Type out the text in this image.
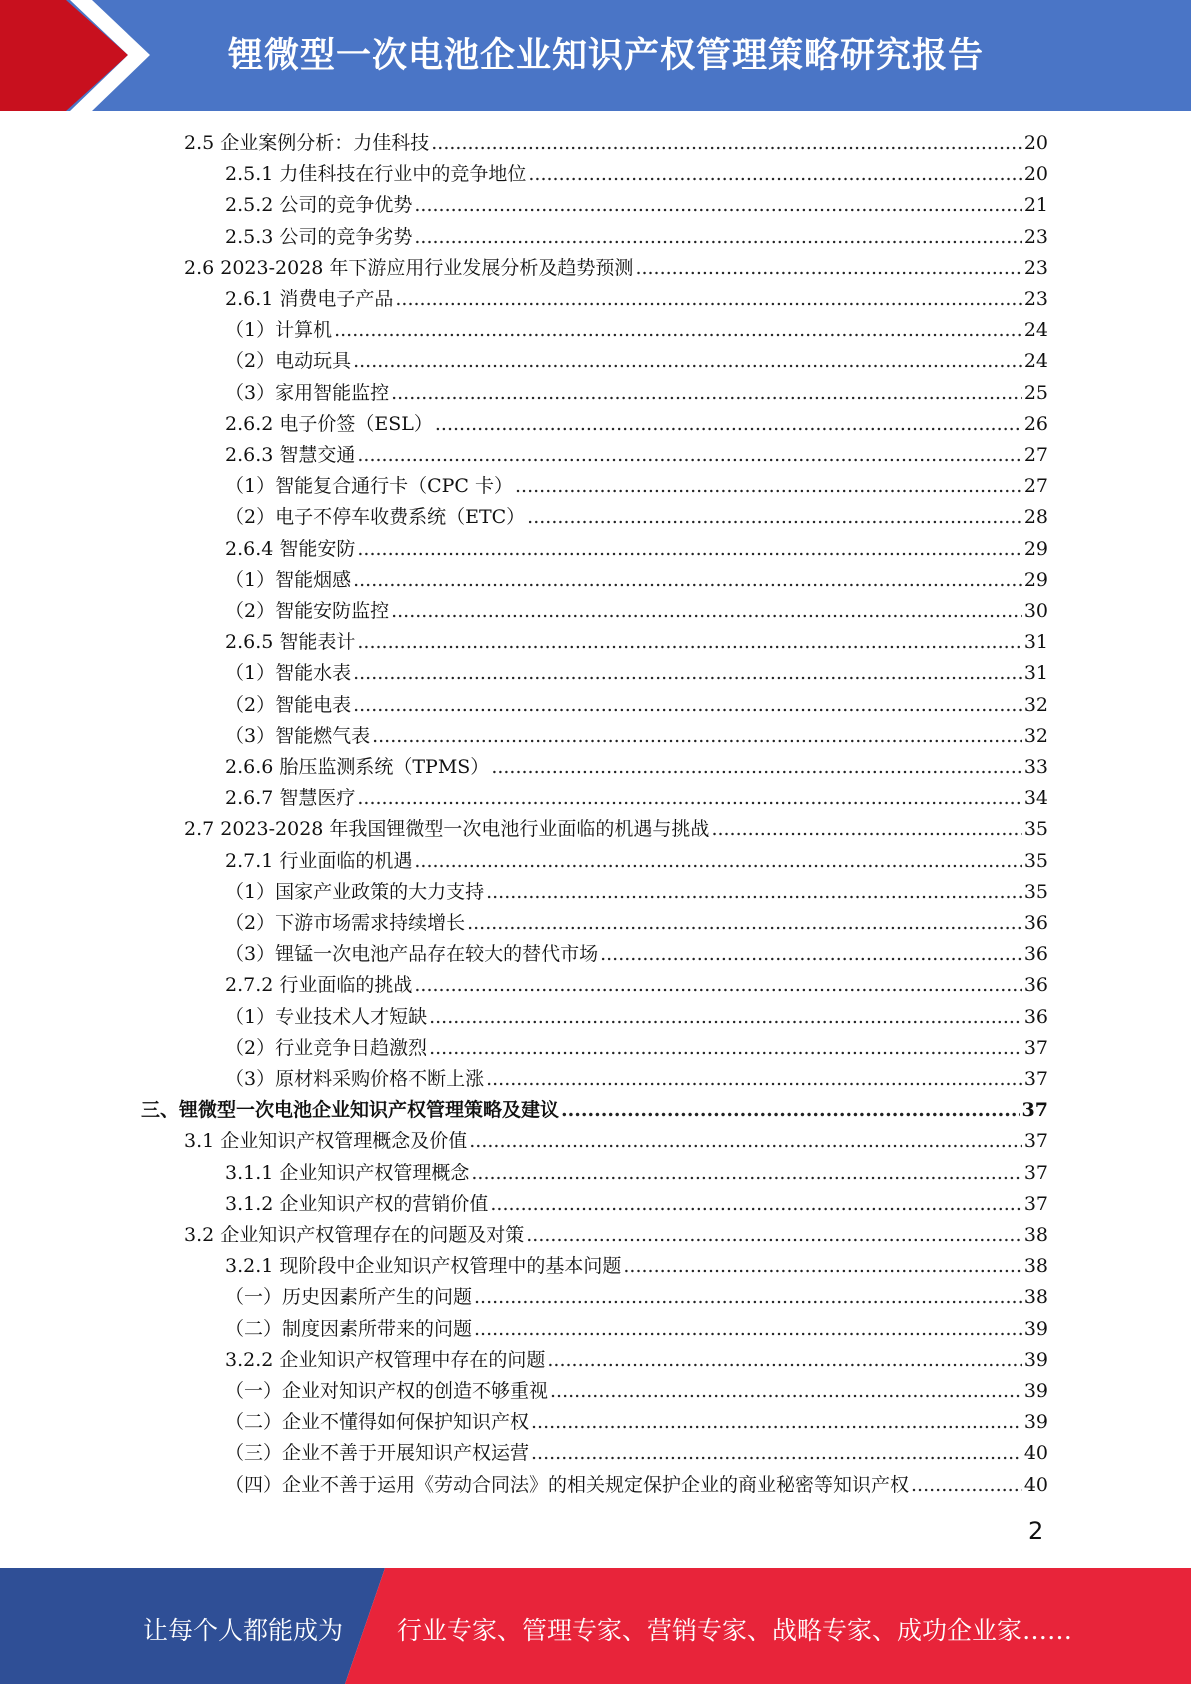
锂微型一次电池企业知识产权管理策略研究报告
2.5 企业案例分析：力佳科技 .....	20
2.5.1 力佳科技在行业中的竞争地位 .....	20
2.5.2 公司的竞争优势 .....	21
2.5.3 公司的竞争劣势 .....	23
2.6 2023-2028 年下游应用行业发展分析及趋势预测 .....	23
2.6.1 消费电子产品 .....	23
（1）计算机 .....	24
（2）电动玩具 .....	24
（3）家用智能监控 .....	25
2.6.2 电子价签（ESL） .....	26
2.6.3 智慧交通 .....	27
（1）智能复合通行卡（CPC 卡） .....	27
（2）电子不停车收费系统（ETC） .....	28
2.6.4 智能安防 .....	29
（1）智能烟感 .....	29
（2）智能安防监控 .....	30
2.6.5 智能表计 .....	31
（1）智能水表 .....	31
（2）智能电表 .....	32
（3）智能燃气表 .....	32
2.6.6 胎压监测系统（TPMS） .....	33
2.6.7 智慧医疗 .....	34
2.7 2023-2028 年我国锂微型一次电池行业面临的机遇与挑战 .....	35
2.7.1 行业面临的机遇 .....	35
（1）国家产业政策的大力支持 .....	35
（2）下游市场需求持续增长 .....	36
（3）锂锰一次电池产品存在较大的替代市场 .....	36
2.7.2 行业面临的挑战 .....	36
（1）专业技术人才短缺 .....	36
（2）行业竞争日趋激烈 .....	37
（3）原材料采购价格不断上涨 .....	37
三、锂微型一次电池企业知识产权管理策略及建议 .....	37
3.1 企业知识产权管理概念及价值 .....	37
3.1.1 企业知识产权管理概念 .....	37
3.1.2 企业知识产权的营销价值 .....	37
3.2 企业知识产权管理存在的问题及对策 .....	38
3.2.1 现阶段中企业知识产权管理中的基本问题 .....	38
（一）历史因素所产生的问题 .....	38
（二）制度因素所带来的问题 .....	39
3.2.2 企业知识产权管理中存在的问题 .....	39
（一）企业对知识产权的创造不够重视 .....	39
（二）企业不懂得如何保护知识产权 .....	39
（三）企业不善于开展知识产权运营 .....	40
（四）企业不善于运用《劳动合同法》的相关规定保护企业的商业秘密等知识产权 .....	40
2
让每个人都能成为 行业专家、管理专家、营销专家、战略专家、成功企业家……
